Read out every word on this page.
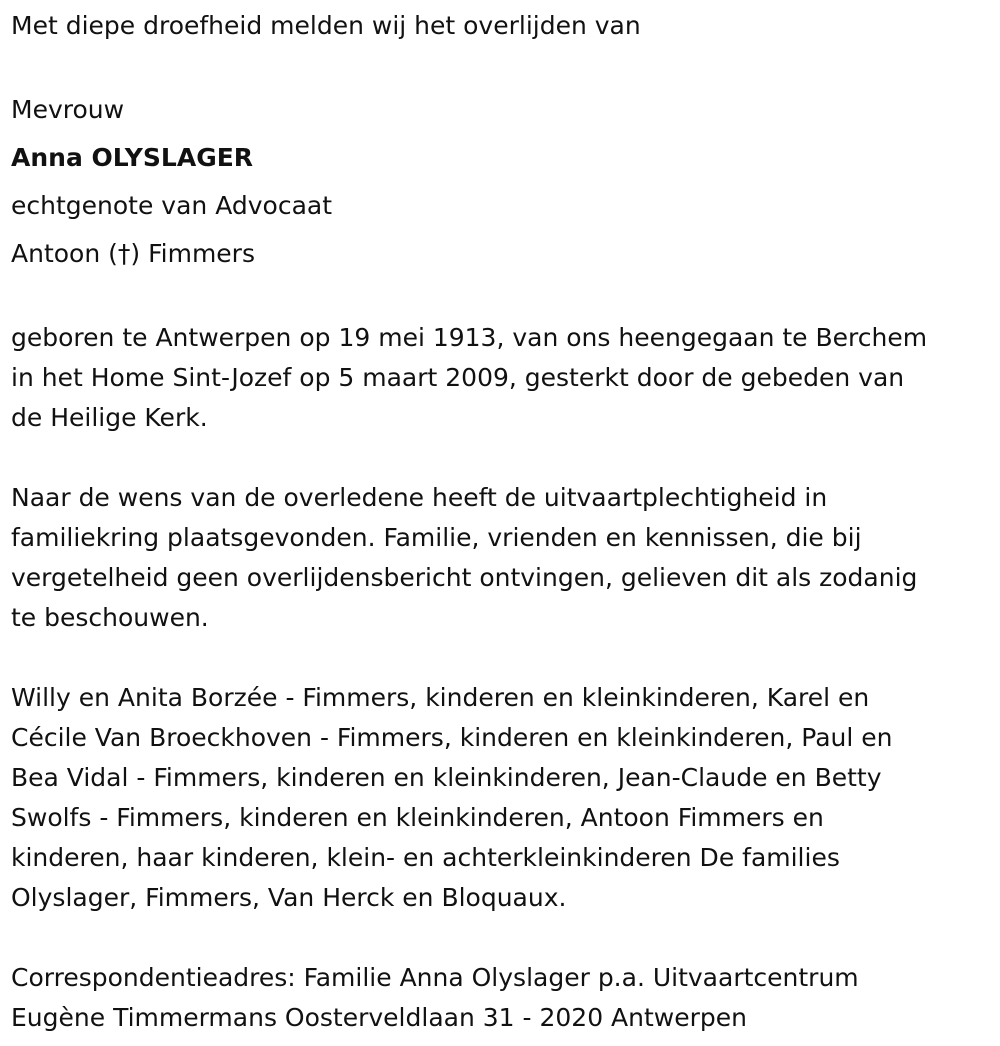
Met diepe droefheid melden wij het overlijden van

Mevrouw

Anna OLYSLAGER

echtgenote van Advocaat

Antoon (†) Fimmers

geboren te Antwerpen op 19 mei 1913, van ons heengegaan te Berchem

in het Home Sint-Jozef op 5 maart 2009, gesterkt door de gebeden van

de Heilige Kerk.

Naar de wens van de overledene heeft de uitvaartplechtigheid in

familiekring plaatsgevonden. Familie, vrienden en kennissen, die bij

vergetelheid geen overlijdensbericht ontvingen, gelieven dit als zodanig

te beschouwen.

Willy en Anita Borzée - Fimmers, kinderen en kleinkinderen, Karel en

Cécile Van Broeckhoven - Fimmers, kinderen en kleinkinderen, Paul en

Bea Vidal - Fimmers, kinderen en kleinkinderen, Jean-Claude en Betty

Swolfs - Fimmers, kinderen en kleinkinderen, Antoon Fimmers en

kinderen, haar kinderen, klein- en achterkleinkinderen De families

Olyslager, Fimmers, Van Herck en Bloquaux.

Correspondentieadres: Familie Anna Olyslager p.a. Uitvaartcentrum

Eugène Timmermans Oosterveldlaan 31 - 2020 Antwerpen
